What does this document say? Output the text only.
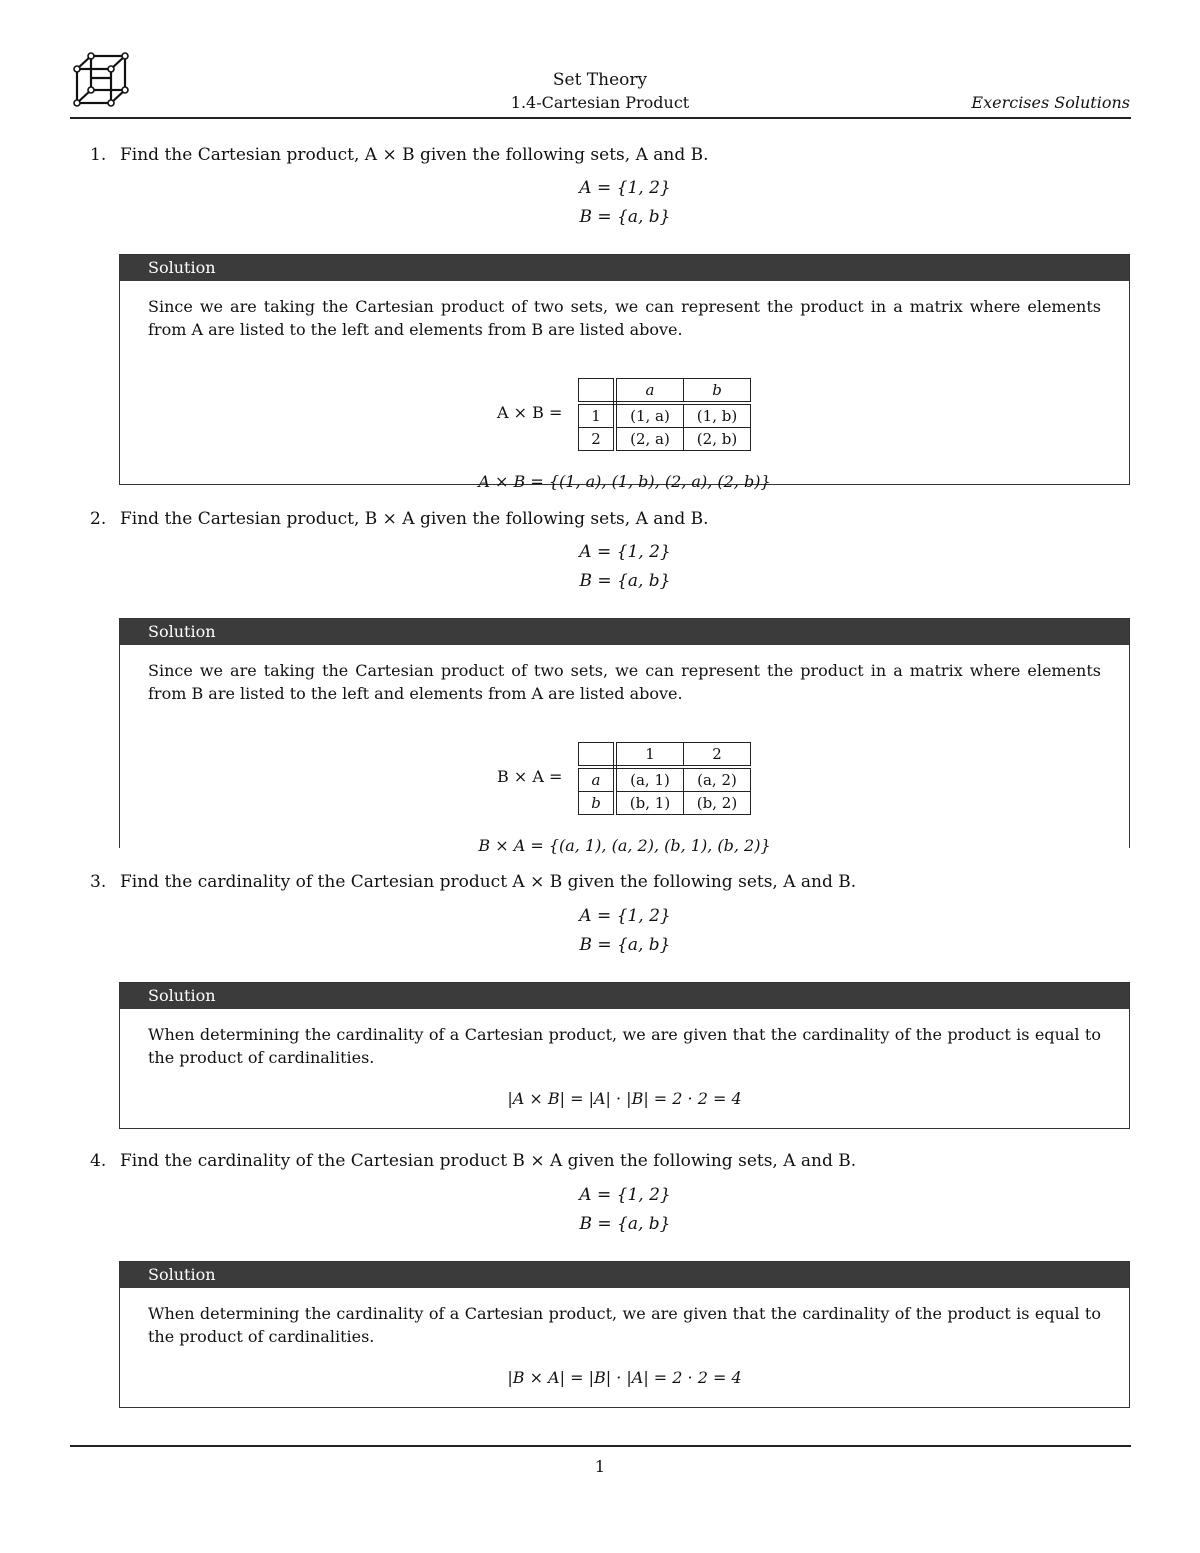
Set Theory
1.4-Cartesian Product	Exercises Solutions
1. Find the Cartesian product, A × B given the following sets, A and B.
A = {1, 2}
B = {a, b}
Solution
Since we are taking the Cartesian product of two sets, we can represent the product in a matrix where elements from A are listed to the left and elements from B are listed above.
A × B =
	a	b
1	(1, a)	(1, b)
2	(2, a)	(2, b)
A × B = {(1, a), (1, b), (2, a), (2, b)}
2. Find the Cartesian product, B × A given the following sets, A and B.
A = {1, 2}
B = {a, b}
Solution
Since we are taking the Cartesian product of two sets, we can represent the product in a matrix where elements from B are listed to the left and elements from A are listed above.
B × A =
	1	2
a	(a, 1)	(a, 2)
b	(b, 1)	(b, 2)
B × A = {(a, 1), (a, 2), (b, 1), (b, 2)}
3. Find the cardinality of the Cartesian product A × B given the following sets, A and B.
A = {1, 2}
B = {a, b}
Solution
When determining the cardinality of a Cartesian product, we are given that the cardinality of the product is equal to the product of cardinalities.
|A × B| = |A| · |B| = 2 · 2 = 4
4. Find the cardinality of the Cartesian product B × A given the following sets, A and B.
A = {1, 2}
B = {a, b}
Solution
When determining the cardinality of a Cartesian product, we are given that the cardinality of the product is equal to the product of cardinalities.
|B × A| = |B| · |A| = 2 · 2 = 4
1
